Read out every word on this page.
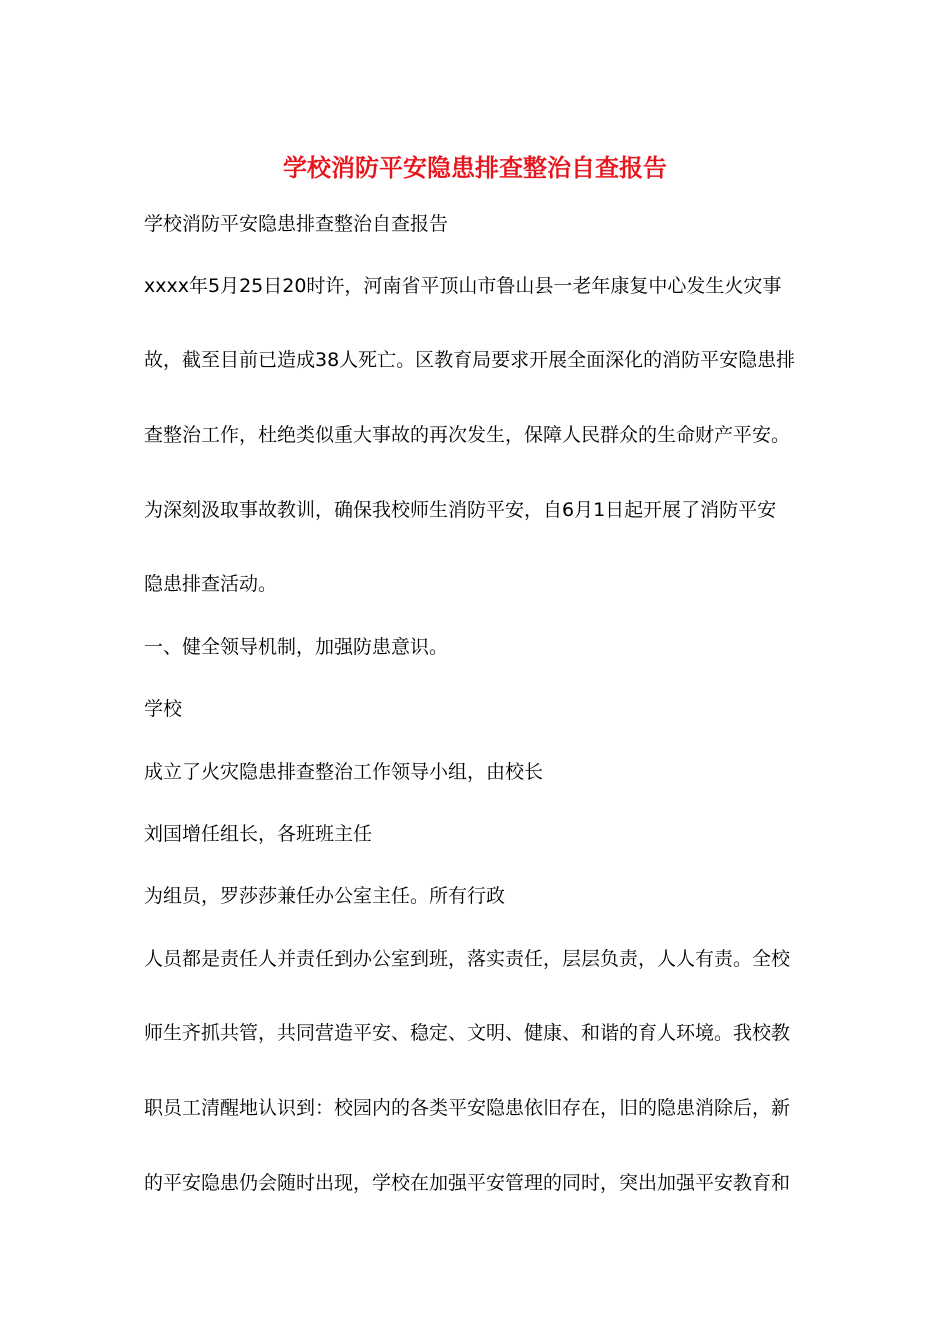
学校消防平安隐患排查整治自查报告

学校消防平安隐患排查整治自查报告

xxxx年5月25日20时许，河南省平顶山市鲁山县一老年康复中心发生火灾事

故，截至目前已造成38人死亡。区教育局要求开展全面深化的消防平安隐患排

查整治工作，杜绝类似重大事故的再次发生，保障人民群众的生命财产平安。

为深刻汲取事故教训，确保我校师生消防平安，自6月1日起开展了消防平安

隐患排查活动。

一、健全领导机制，加强防患意识。

学校

成立了火灾隐患排查整治工作领导小组，由校长

刘国增任组长，各班班主任

为组员，罗莎莎兼任办公室主任。所有行政

人员都是责任人并责任到办公室到班，落实责任，层层负责，人人有责。全校

师生齐抓共管，共同营造平安、稳定、文明、健康、和谐的育人环境。我校教

职员工清醒地认识到：校园内的各类平安隐患依旧存在，旧的隐患消除后，新

的平安隐患仍会随时出现，学校在加强平安管理的同时，突出加强平安教育和
